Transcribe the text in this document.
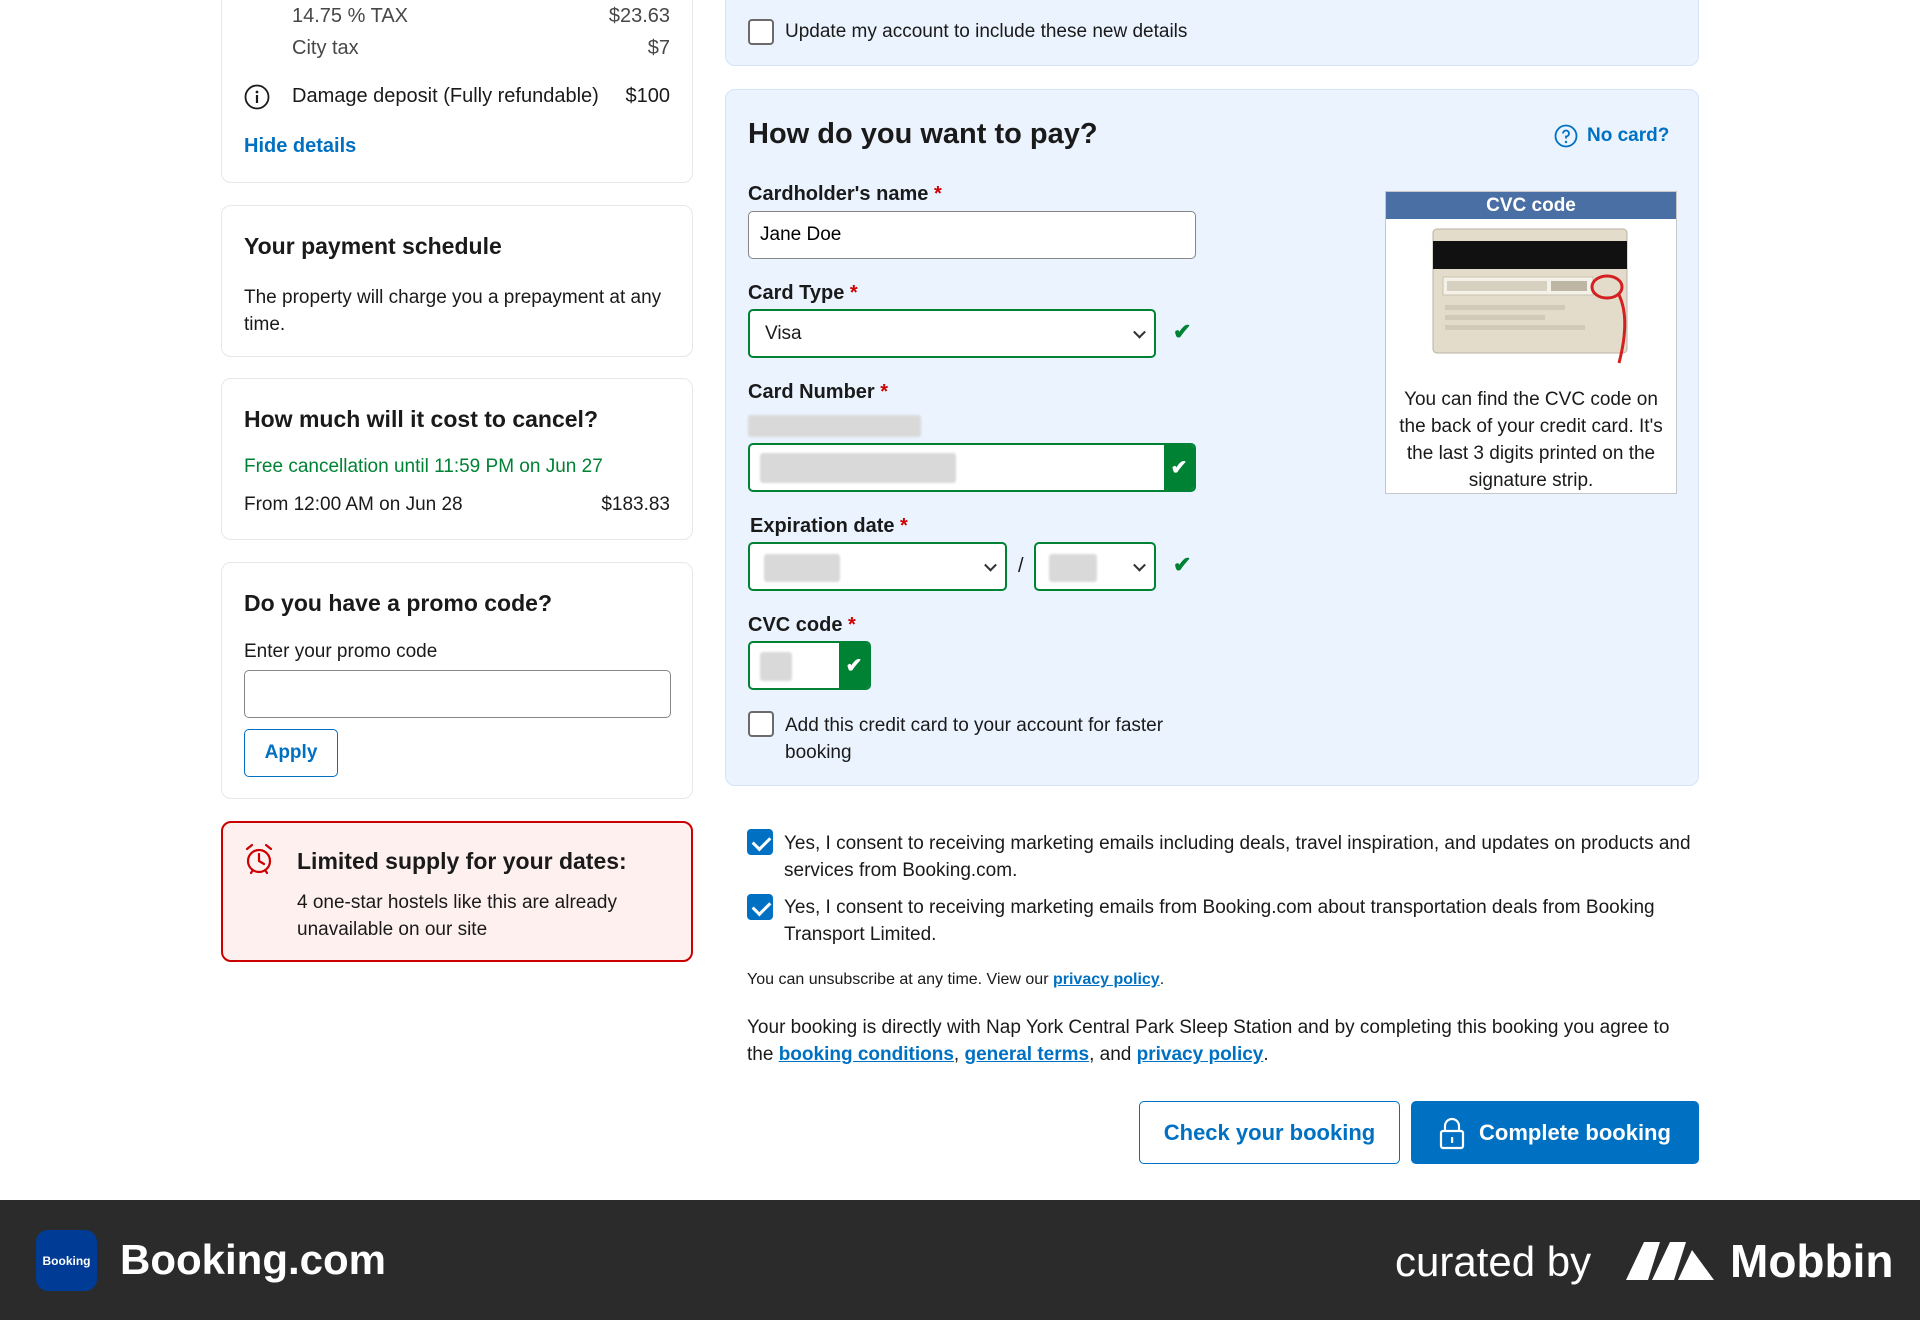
14.75 % TAX	$23.63
City tax	$7
Damage deposit (Fully refundable) $100
Hide details
Your payment schedule
The property will charge you a prepayment at any time.
How much will it cost to cancel?
Free cancellation until 11:59 PM on Jun 27
From 12:00 AM on Jun 28	$183.83
Do you have a promo code?
Enter your promo code
Apply
Limited supply for your dates:
4 one-star hostels like this are already unavailable on our site
Update my account to include these new details
How do you want to pay?	No card?
Cardholder's name *
Jane Doe
Card Type *
Visa	✔
Card Number *
✔
Expiration date *
/	✔
CVC code *
✔
Add this credit card to your account for faster booking
CVC code
You can find the CVC code on the back of your credit card. It's the last 3 digits printed on the signature strip.
Yes, I consent to receiving marketing emails including deals, travel inspiration, and updates on products and services from Booking.com.
Yes, I consent to receiving marketing emails from Booking.com about transportation deals from Booking Transport Limited.
You can unsubscribe at any time. View our privacy policy.
Your booking is directly with Nap York Central Park Sleep Station and by completing this booking you agree to the booking conditions, general terms, and privacy policy.
Check your booking	Complete booking
Booking Booking.com	curated by	Mobbin
